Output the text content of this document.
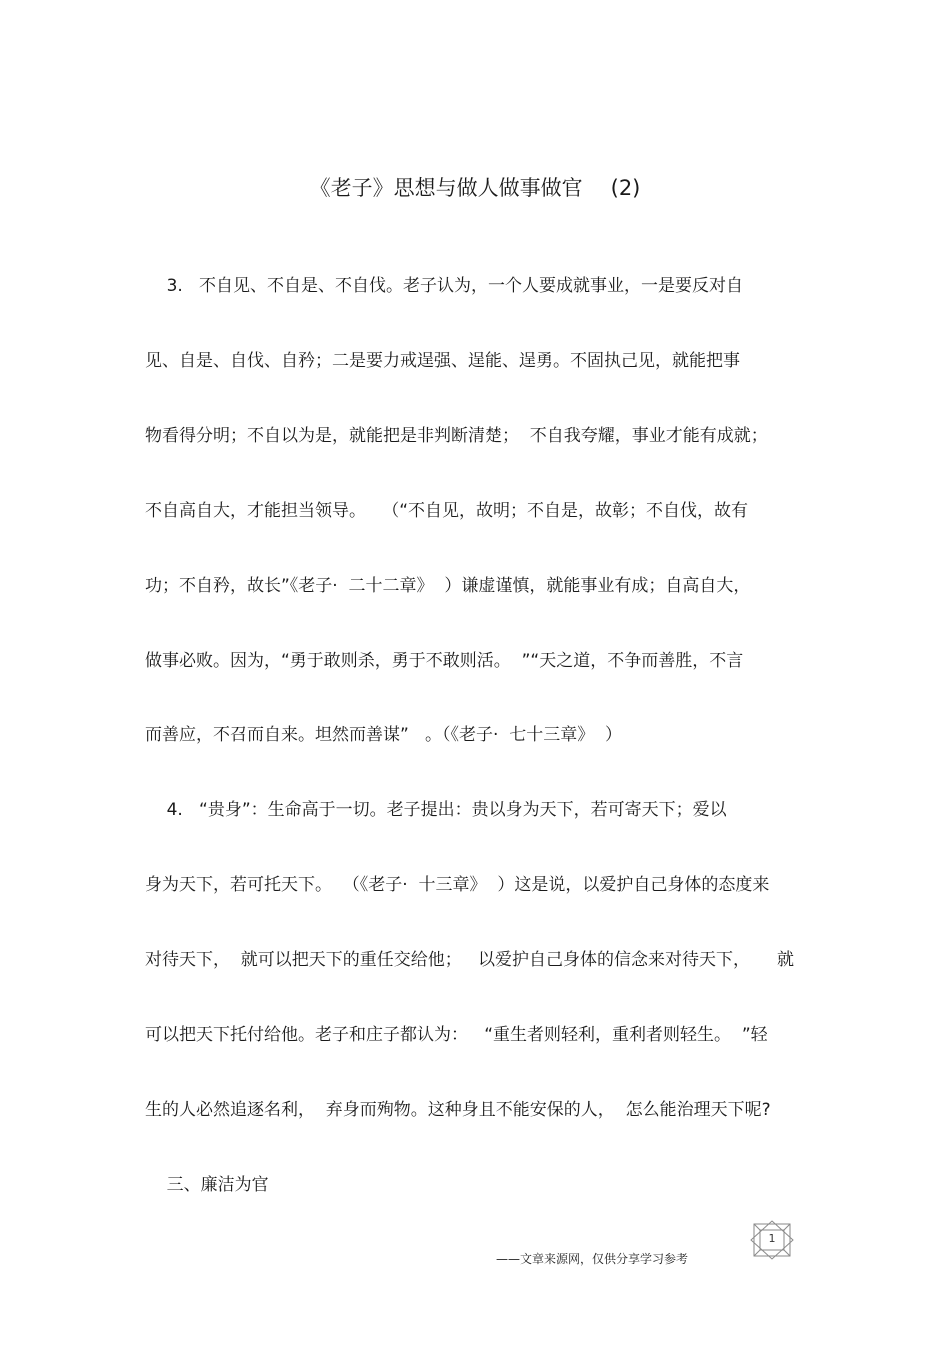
《老子》思想与做人做事做官 (2)
3.   不自见、不自是、不自伐。老子认为，一个人要成就事业，一是要反对自
见、自是、自伐、自矜；二是要力戒逞强、逞能、逞勇。不固执己见，就能把事
物看得分明；不自以为是，就能把是非判断清楚；  不自我夸耀，事业才能有成就；
不自高自大，才能担当领导。   （“不自见，故明；不自是，故彰；不自伐，故有
功；不自矜，故长”《老子·  二十二章》  ）谦虚谨慎，就能事业有成；自高自大，
做事必败。因为，“勇于敢则杀，勇于不敢则活。  ”“天之道，不争而善胜，不言
而善应，不召而自来。坦然而善谋”   。（《老子·  七十三章》  ）
4.   “贵身”：生命高于一切。老子提出：贵以身为天下，若可寄天下；爱以
身为天下，若可托天下。  （《老子·  十三章》  ）这是说，以爱护自己身体的态度来
对待天下，  就可以把天下的重任交给他；   以爱护自己身体的信念来对待天下，     就
可以把天下托付给他。老子和庄子都认为：   “重生者则轻利，重利者则轻生。  ”轻
生的人必然追逐名利，  弃身而殉物。这种身且不能安保的人，  怎么能治理天下呢?
三、廉洁为官
——文章来源网，仅供分享学习参考
1
